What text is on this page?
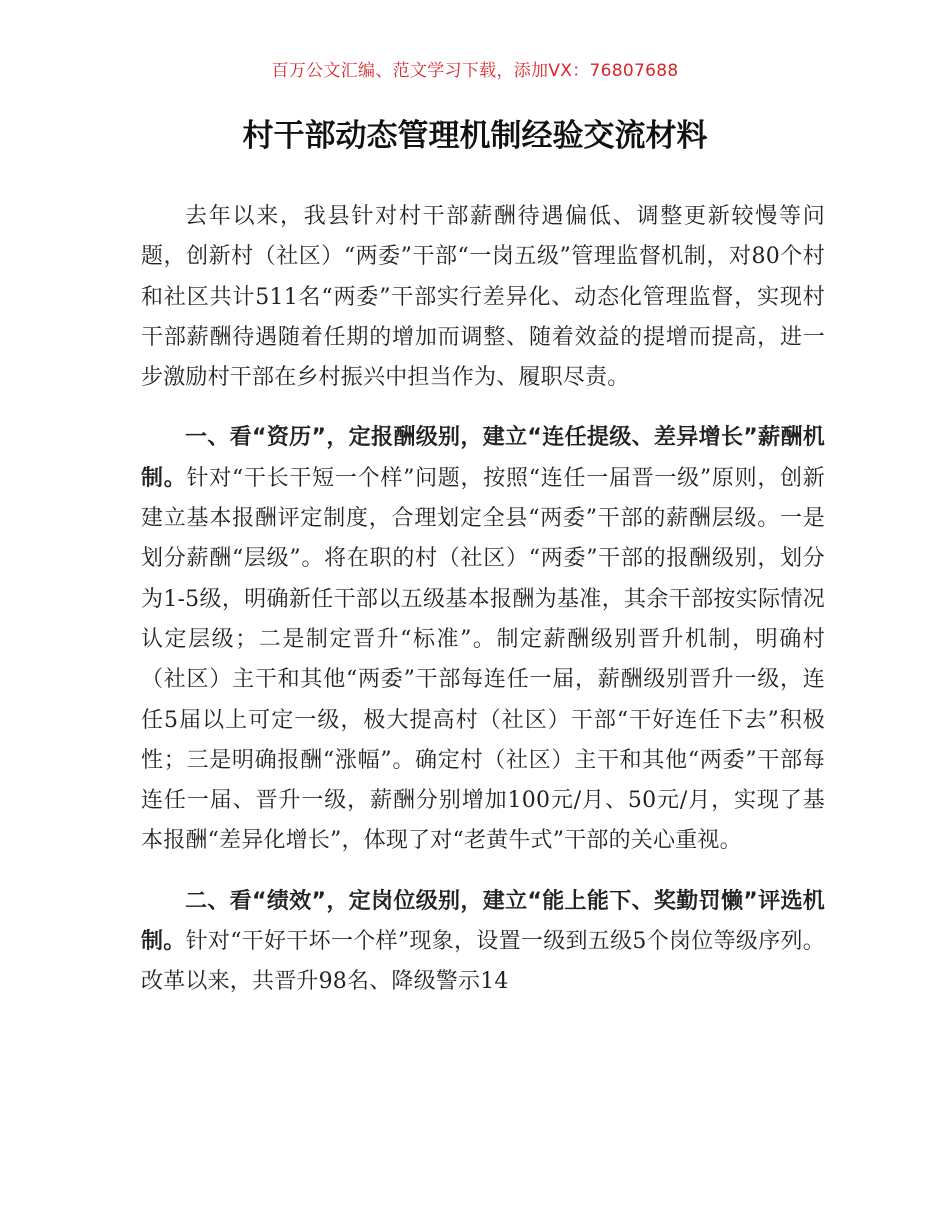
百万公文汇编、范文学习下载，添加VX：76807688
村干部动态管理机制经验交流材料

去年以来，我县针对村干部薪酬待遇偏低、调整更新较慢等问题，创新村（社区）“两委”干部“一岗五级”管理监督机制，对80个村和社区共计511名“两委”干部实行差异化、动态化管理监督，实现村干部薪酬待遇随着任期的增加而调整、随着效益的提增而提高，进一步激励村干部在乡村振兴中担当作为、履职尽责。

一、看“资历”，定报酬级别，建立“连任提级、差异增长”薪酬机制。针对“干长干短一个样”问题，按照“连任一届晋一级”原则，创新建立基本报酬评定制度，合理划定全县“两委”干部的薪酬层级。一是划分薪酬“层级”。将在职的村（社区）“两委”干部的报酬级别，划分为1-5级，明确新任干部以五级基本报酬为基准，其余干部按实际情况认定层级；二是制定晋升“标准”。制定薪酬级别晋升机制，明确村（社区）主干和其他“两委”干部每连任一届，薪酬级别晋升一级，连任5届以上可定一级，极大提高村（社区）干部“干好连任下去”积极性；三是明确报酬“涨幅”。确定村（社区）主干和其他“两委”干部每连任一届、晋升一级，薪酬分别增加100元/月、50元/月，实现了基本报酬“差异化增长”，体现了对“老黄牛式”干部的关心重视。

二、看“绩效”，定岗位级别，建立“能上能下、奖勤罚懒”评选机制。针对“干好干坏一个样”现象，设置一级到五级5个岗位等级序列。改革以来，共晋升98名、降级警示14
